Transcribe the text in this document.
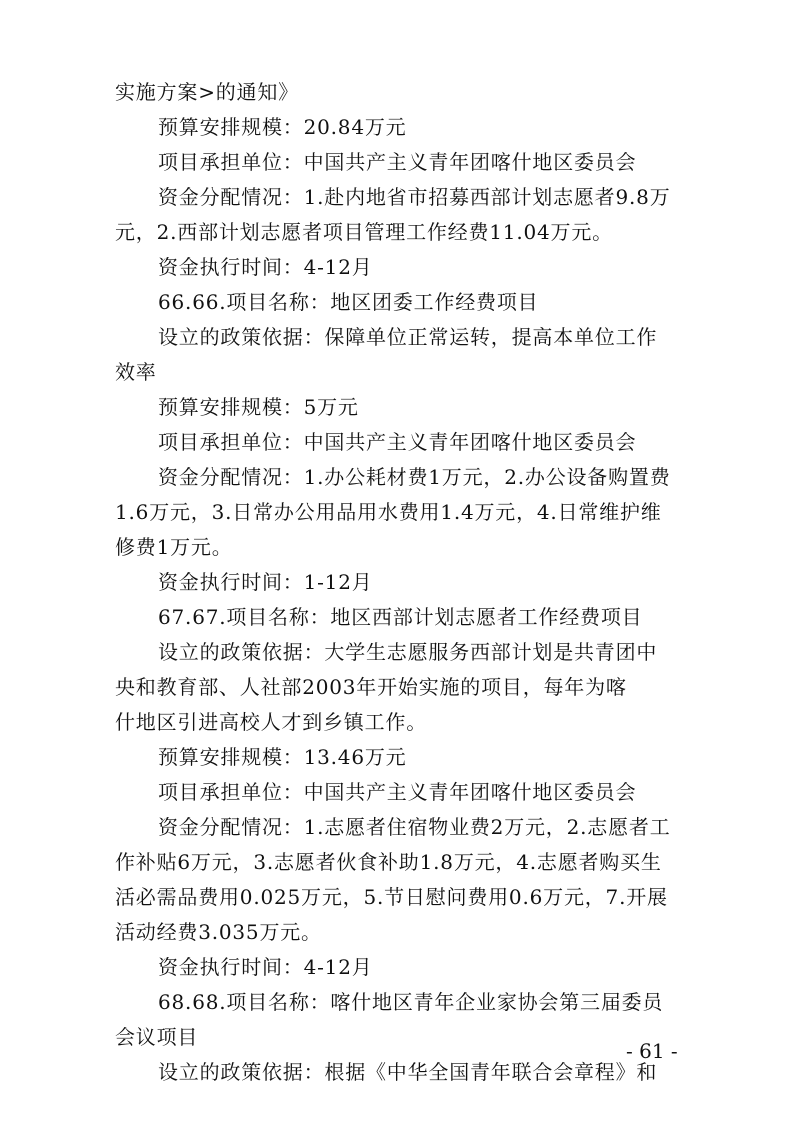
实施方案>的通知》
预算安排规模：20.84万元
项目承担单位：中国共产主义青年团喀什地区委员会
资金分配情况：1.赴内地省市招募西部计划志愿者9.8万
元，2.西部计划志愿者项目管理工作经费11.04万元。
资金执行时间：4-12月
66.66.项目名称：地区团委工作经费项目
设立的政策依据：保障单位正常运转，提高本单位工作
效率
预算安排规模：5万元
项目承担单位：中国共产主义青年团喀什地区委员会
资金分配情况：1.办公耗材费1万元，2.办公设备购置费
1.6万元，3.日常办公用品用水费用1.4万元，4.日常维护维
修费1万元。
资金执行时间：1-12月
67.67.项目名称：地区西部计划志愿者工作经费项目
设立的政策依据：大学生志愿服务西部计划是共青团中
央和教育部、人社部2003年开始实施的项目，每年为喀
什地区引进高校人才到乡镇工作。
预算安排规模：13.46万元
项目承担单位：中国共产主义青年团喀什地区委员会
资金分配情况：1.志愿者住宿物业费2万元，2.志愿者工
作补贴6万元，3.志愿者伙食补助1.8万元，4.志愿者购买生
活必需品费用0.025万元，5.节日慰问费用0.6万元，7.开展
活动经费3.035万元。
资金执行时间：4-12月
68.68.项目名称：喀什地区青年企业家协会第三届委员
会议项目
设立的政策依据：根据《中华全国青年联合会章程》和
- 61 -
